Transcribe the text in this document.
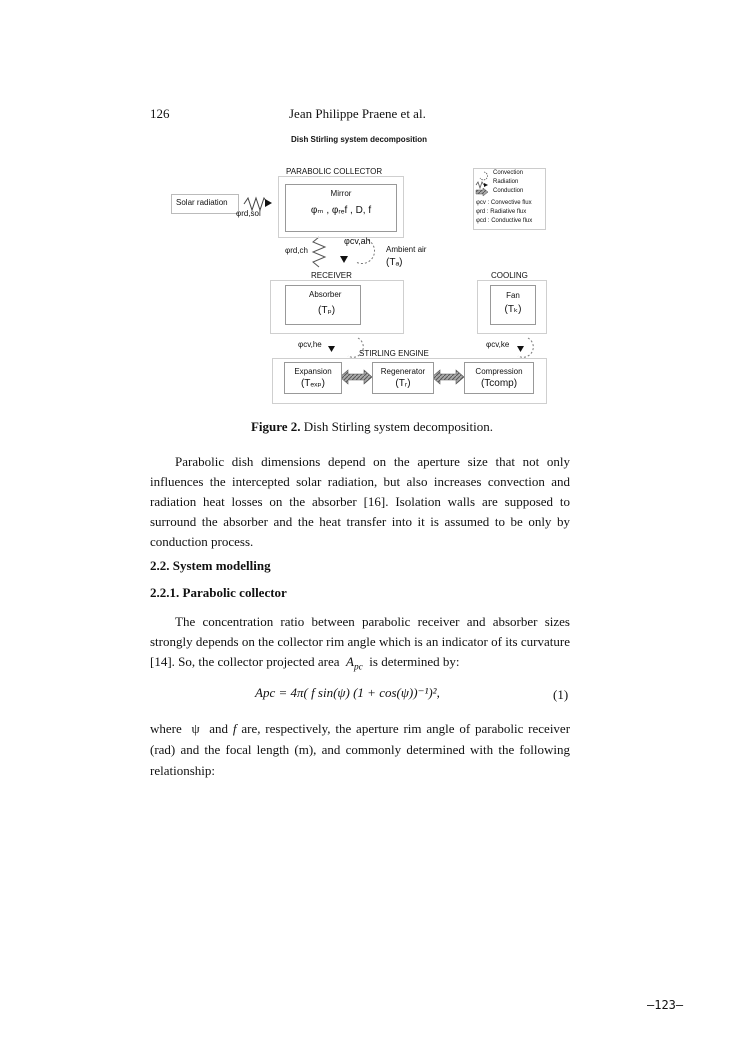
126	Jean Philippe Praene et al.
Dish Stirling system decomposition
PARABOLIC COLLECTOR
Mirror
φₘ , φᵣₑf , D, f
Solar radiation
φrd,sol
φrd,ch
φcv,ah
Ambient air
(Tₐ)
RECEIVER
Absorber
(Tₚ)
COOLING
Fan
(Tₖ)
φcv,he	φcv,ke
STIRLING ENGINE
Expansion
(Tₑₓₚ)
Regenerator
(Tᵣ)
Compression
(Tcomp)
Convection
Radiation
Conduction
φcv : Convective flux
φrd : Radiative flux
φcd : Conductive flux
Figure 2. Dish Stirling system decomposition.

Parabolic dish dimensions depend on the aperture size that not only influences the intercepted solar radiation, but also increases convection and radiation heat losses on the absorber [16]. Isolation walls are supposed to surround the absorber and the heat transfer into it is assumed to be only by conduction process.

2.2. System modelling
2.2.1. Parabolic collector

The concentration ratio between parabolic receiver and absorber sizes strongly depends on the collector rim angle which is an indicator of its curvature [14]. So, the collector projected area $A_{pc}$ is determined by:

Apc = 4π( f sin(ψ) (1 + cos(ψ))⁻¹)²,	(1)
where ψ and f are, respectively, the aperture rim angle of parabolic receiver (rad) and the focal length (m), and commonly determined with the following relationship:
–123–
